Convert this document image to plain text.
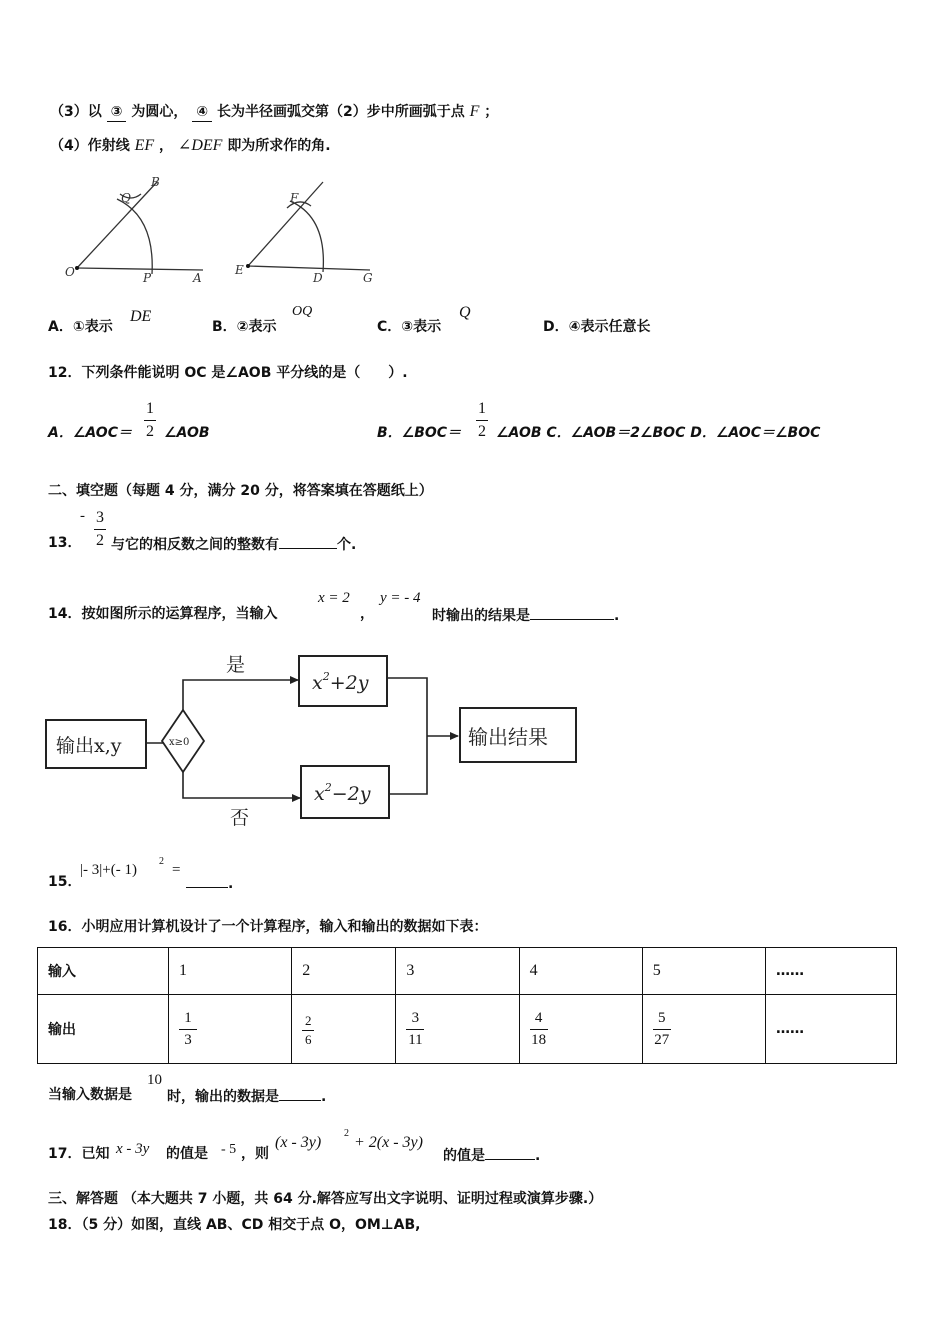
（3）以 ③ 为圆心， ④ 长为半径画弧交第（2）步中所画弧于点 F ；
（4）作射线 EF ， ∠DEF 即为所求作的角.
B
Q
O	P	A
F
E
D	G
A．①表示
DE
B．②表示
OQ
C．③表示
Q
D．④表示任意长
12．下列条件能说明 OC 是∠AOB 平分线的是（　　）.
A．∠AOC＝
1
2 ∠AOB	B．∠BOC＝
1
2 ∠AOB C．∠AOB＝2∠BOC D．∠AOC＝∠BOC
二、填空题（每题 4 分，满分 20 分，将答案填在答题纸上）
13．
- 3
2 与它的相反数之间的整数有	个.
14．按如图所示的运算程序，当输入
x = 2
，
y = - 4
时输出的结果是	.
输出x,y	x≥0
是
否
$x^2+2y$
$x^2-2y$
输出结果
15．
|- 3|+(- 1)
2
=
.
16．小明应用计算机设计了一个计算程序，输入和输出的数据如下表：
输入	1	2	3	4	5	……
输出	$\frac{1}{3}$	$\frac{2}{6}$	$\frac{3}{11}$	$\frac{4}{18}$	$\frac{5}{27}$	……
当输入数据是
10
时，输出的数据是	.
17．已知 x - 3y 的值是 - 5 ，则
(x - 3y)
2
+ 2(x - 3y)
的值是	.
三、解答题 （本大题共 7 小题，共 64 分.解答应写出文字说明、证明过程或演算步骤.）
18．（5 分）如图，直线 AB、CD 相交于点 O，OM⊥AB,
